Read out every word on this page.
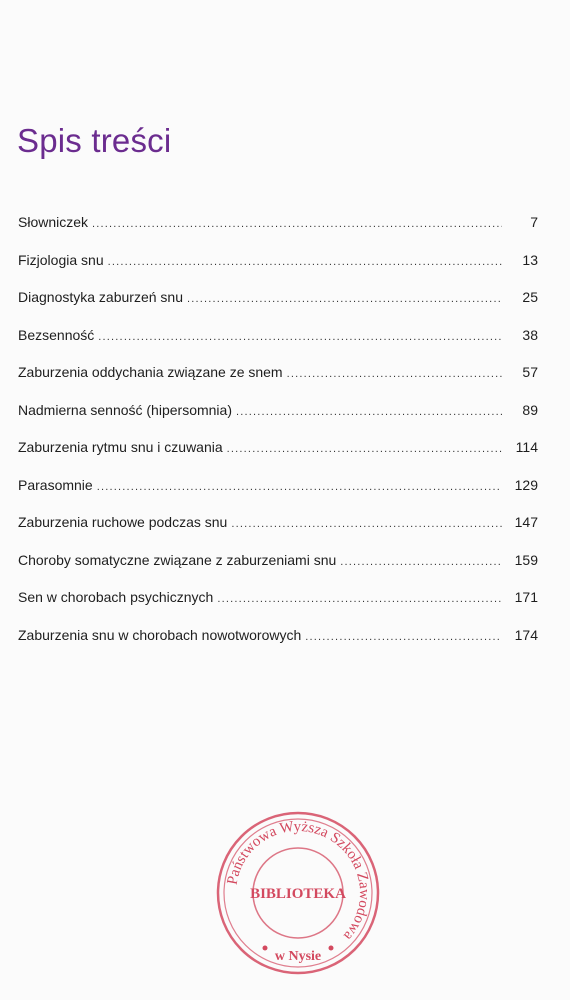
Spis treści
Słowniczek .....	7
Fizjologia snu .....	13
Diagnostyka zaburzeń snu .....	25
Bezsenność .....	38
Zaburzenia oddychania związane ze snem .....	57
Nadmierna senność (hipersomnia) .....	89
Zaburzenia rytmu snu i czuwania .....	114
Parasomnie .....	129
Zaburzenia ruchowe podczas snu .....	147
Choroby somatyczne związane z zaburzeniami snu .....	159
Sen w chorobach psychicznych .....	171
Zaburzenia snu w chorobach nowotworowych .....	174
Państwowa Wyższa Szkoła Zawodowa
BIBLIOTEKA
w Nysie
